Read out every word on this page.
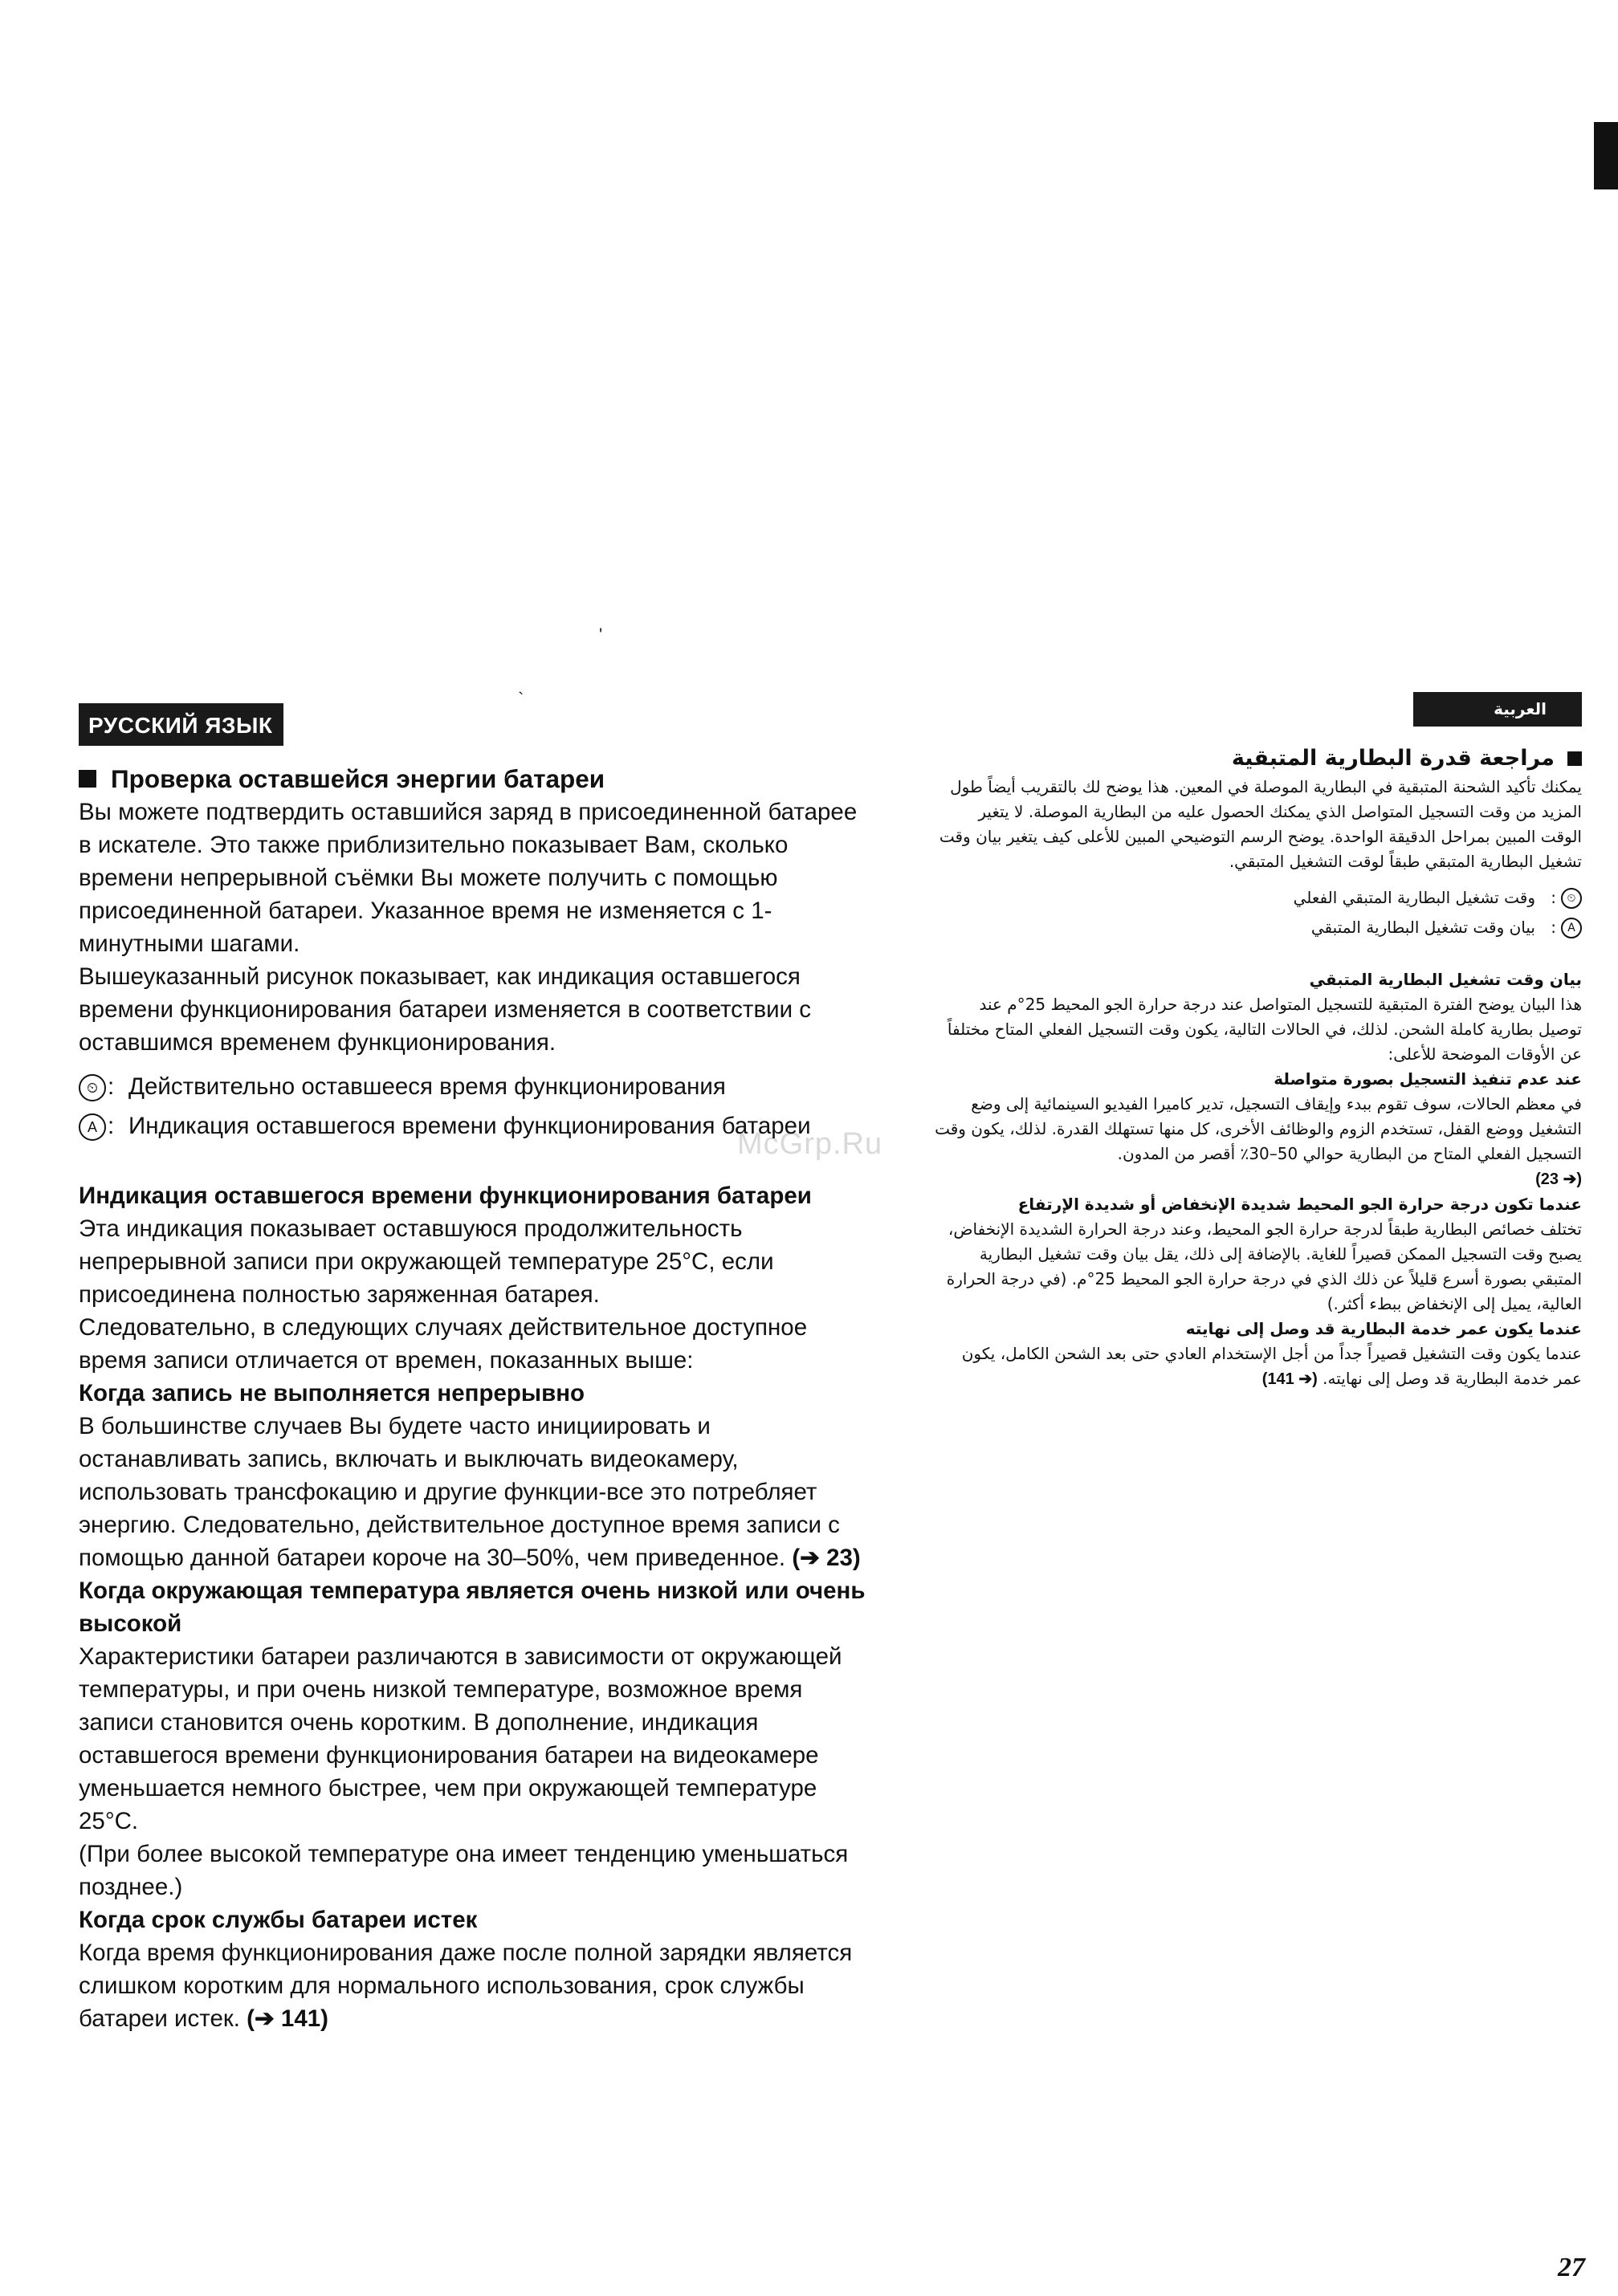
'
`
McGrp.Ru
РУССКИЙ ЯЗЫК
Проверка оставшейся энергии батареи

Вы можете подтвердить оставшийся заряд в присоединенной батарее в искателе. Это также приблизительно показывает Вам, сколько времени непрерывной съёмки Вы можете получить с помощью присоединенной батареи. Указанное время не изменяется с 1-минутными шагами.

Вышеуказанный рисунок показывает, как индикация оставшегося времени функционирования батареи изменяется в соответствии с оставшимся временем функционирования.

⏲ : Действительно оставшееся время функционирования
A : Индикация оставшегося времени функционирования батареи

Индикация оставшегося времени функционирования батареи

Эта индикация показывает оставшуюся продолжительность непрерывной записи при окружающей температуре 25°C, если присоединена полностью заряженная батарея.

Следовательно, в следующих случаях действительное доступное время записи отличается от времен, показанных выше:

Когда запись не выполняется непрерывно

В большинстве случаев Вы будете часто инициировать и останавливать запись, включать и выключать видеокамеру, использовать трансфокацию и другие функции-все это потребляет энергию. Следовательно, действительное доступное время записи с помощью данной батареи короче на 30–50%, чем приведенное. (➔ 23)

Когда окружающая температура является очень низкой или очень высокой

Характеристики батареи различаются в зависимости от окружающей температуры, и при очень низкой температуре, возможное время записи становится очень коротким. В дополнение, индикация оставшегося времени функционирования батареи на видеокамере уменьшается немного быстрее, чем при окружающей температуре 25°C.

(При более высокой температуре она имеет тенденцию уменьшаться позднее.)

Когда срок службы батареи истек

Когда время функционирования даже после полной зарядки является слишком коротким для нормального использования, срок службы батареи истек. (➔ 141)

العربية
مراجعة قدرة البطارية المتبقية

يمكنك تأكيد الشحنة المتبقية في البطارية الموصلة في المعين. هذا يوضح لك بالتقريب أيضاً طول المزيد من وقت التسجيل المتواصل الذي يمكنك الحصول عليه من البطارية الموصلة. لا يتغير الوقت المبين بمراحل الدقيقة الواحدة. يوضح الرسم التوضيحي المبين للأعلى كيف يتغير بيان وقت تشغيل البطارية المتبقي طبقاً لوقت التشغيل المتبقي.

⏲
:
وقت تشغيل البطارية المتبقي الفعلي
A
:
بيان وقت تشغيل البطارية المتبقي

بيان وقت تشغيل البطارية المتبقي

هذا البيان يوضح الفترة المتبقية للتسجيل المتواصل عند درجة حرارة الجو المحيط 25°م عند توصيل بطارية كاملة الشحن. لذلك، في الحالات التالية، يكون وقت التسجيل الفعلي المتاح مختلفاً عن الأوقات الموضحة للأعلى:

عند عدم تنفيذ التسجيل بصورة متواصلة

في معظم الحالات، سوف تقوم ببدء وإيقاف التسجيل، تدير كاميرا الفيديو السينمائية إلى وضع التشغيل ووضع القفل، تستخدم الزوم والوظائف الأخرى، كل منها تستهلك القدرة. لذلك، يكون وقت التسجيل الفعلي المتاح من البطارية حوالي 50–30٪ أقصر من المدون.

(➔ 23)

عندما تكون درجة حرارة الجو المحيط شديدة الإنخفاض أو شديدة الإرتفاع

تختلف خصائص البطارية طبقاً لدرجة حرارة الجو المحيط، وعند درجة الحرارة الشديدة الإنخفاض، يصبح وقت التسجيل الممكن قصيراً للغاية. بالإضافة إلى ذلك، يقل بيان وقت تشغيل البطارية المتبقي بصورة أسرع قليلاً عن ذلك الذي في درجة حرارة الجو المحيط 25°م. (في درجة الحرارة العالية، يميل إلى الإنخفاض ببطء أكثر.)

عندما يكون عمر خدمة البطارية قد وصل إلى نهايته

عندما يكون وقت التشغيل قصيراً جداً من أجل الإستخدام العادي حتى بعد الشحن الكامل، يكون عمر خدمة البطارية قد وصل إلى نهايته. (➔ 141)

27
